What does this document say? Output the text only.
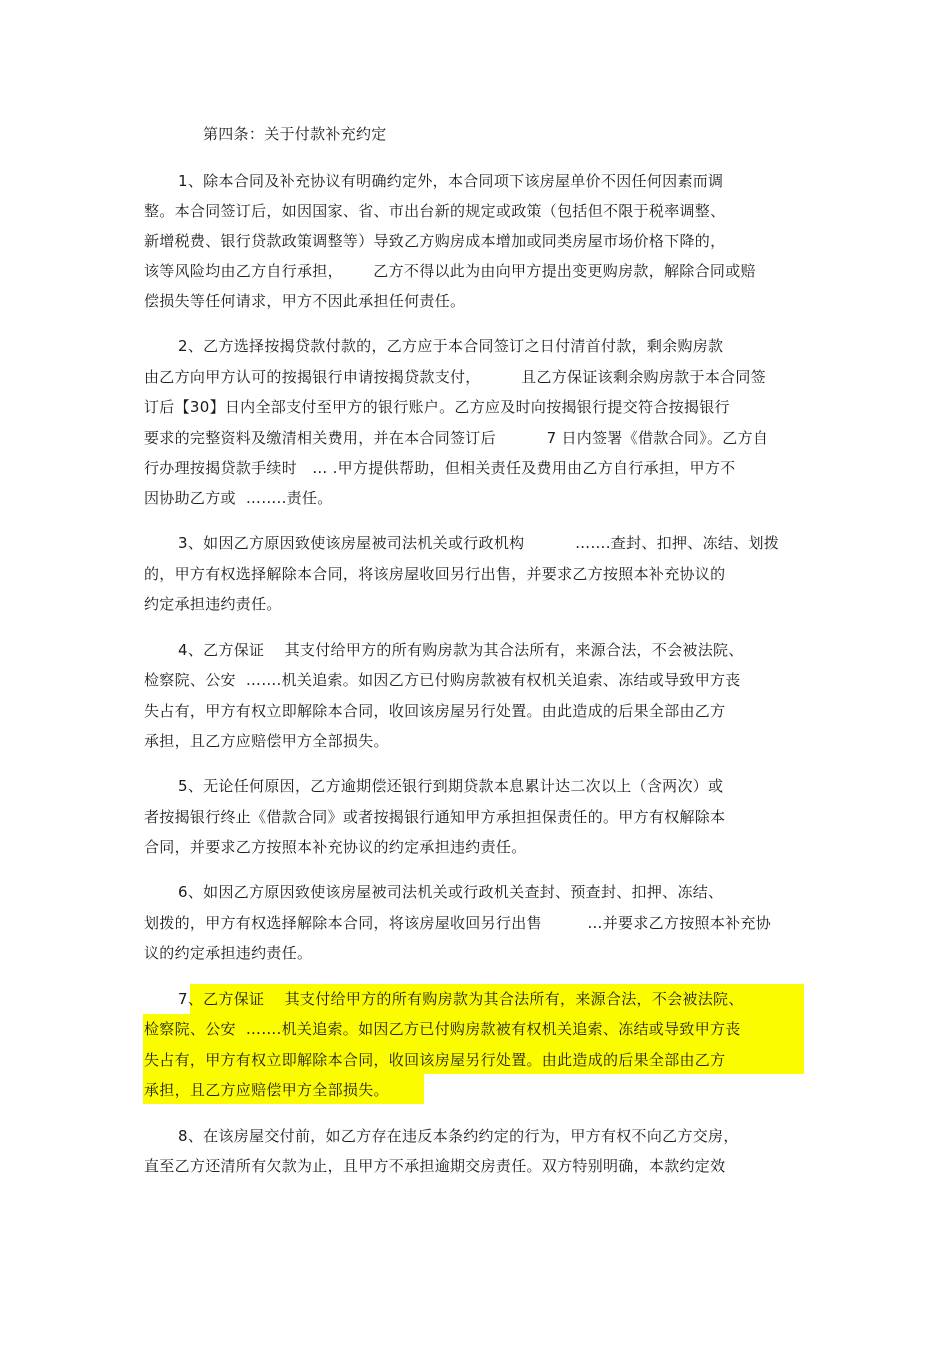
第四条：关于付款补充约定
1、除本合同及补充协议有明确约定外，本合同项下该房屋单价不因任何因素而调
整。本合同签订后，如因国家、省、市出台新的规定或政策（包括但不限于税率调整、
新增税费、银行贷款政策调整等）导致乙方购房成本增加或同类房屋市场价格下降的，
该等风险均由乙方自行承担，      乙方不得以此为由向甲方提出变更购房款，解除合同或赔
偿损失等任何请求，甲方不因此承担任何责任。
2、乙方选择按揭贷款付款的，乙方应于本合同签订之日付清首付款，剩余购房款
由乙方向甲方认可的按揭银行申请按揭贷款支付，        且乙方保证该剩余购房款于本合同签
订后【30】日内全部支付至甲方的银行账户。乙方应及时向按揭银行提交符合按揭银行
要求的完整资料及缴清相关费用，并在本合同签订后          7 日内签署《借款合同》。乙方自
行办理按揭贷款手续时   … .甲方提供帮助，但相关责任及费用由乙方自行承担，甲方不
因协助乙方或  ……..责任。
3、如因乙方原因致使该房屋被司法机关或行政机构          …….查封、扣押、冻结、划拨
的，甲方有权选择解除本合同，将该房屋收回另行出售，并要求乙方按照本补充协议的
约定承担违约责任。
4、乙方保证    其支付给甲方的所有购房款为其合法所有，来源合法，不会被法院、
检察院、公安  …….机关追索。如因乙方已付购房款被有权机关追索、冻结或导致甲方丧
失占有，甲方有权立即解除本合同，收回该房屋另行处置。由此造成的后果全部由乙方
承担，且乙方应赔偿甲方全部损失。
5、无论任何原因，乙方逾期偿还银行到期贷款本息累计达二次以上（含两次）或
者按揭银行终止《借款合同》或者按揭银行通知甲方承担担保责任的。甲方有权解除本
合同，并要求乙方按照本补充协议的约定承担违约责任。
6、如因乙方原因致使该房屋被司法机关或行政机关查封、预查封、扣押、冻结、
划拨的，甲方有权选择解除本合同，将该房屋收回另行出售         …并要求乙方按照本补充协
议的约定承担违约责任。
7、乙方保证    其支付给甲方的所有购房款为其合法所有，来源合法，不会被法院、
检察院、公安  …….机关追索。如因乙方已付购房款被有权机关追索、冻结或导致甲方丧
失占有，甲方有权立即解除本合同，收回该房屋另行处置。由此造成的后果全部由乙方
承担，且乙方应赔偿甲方全部损失。
8、在该房屋交付前，如乙方存在违反本条约约定的行为，甲方有权不向乙方交房，
直至乙方还清所有欠款为止，且甲方不承担逾期交房责任。双方特别明确，本款约定效
